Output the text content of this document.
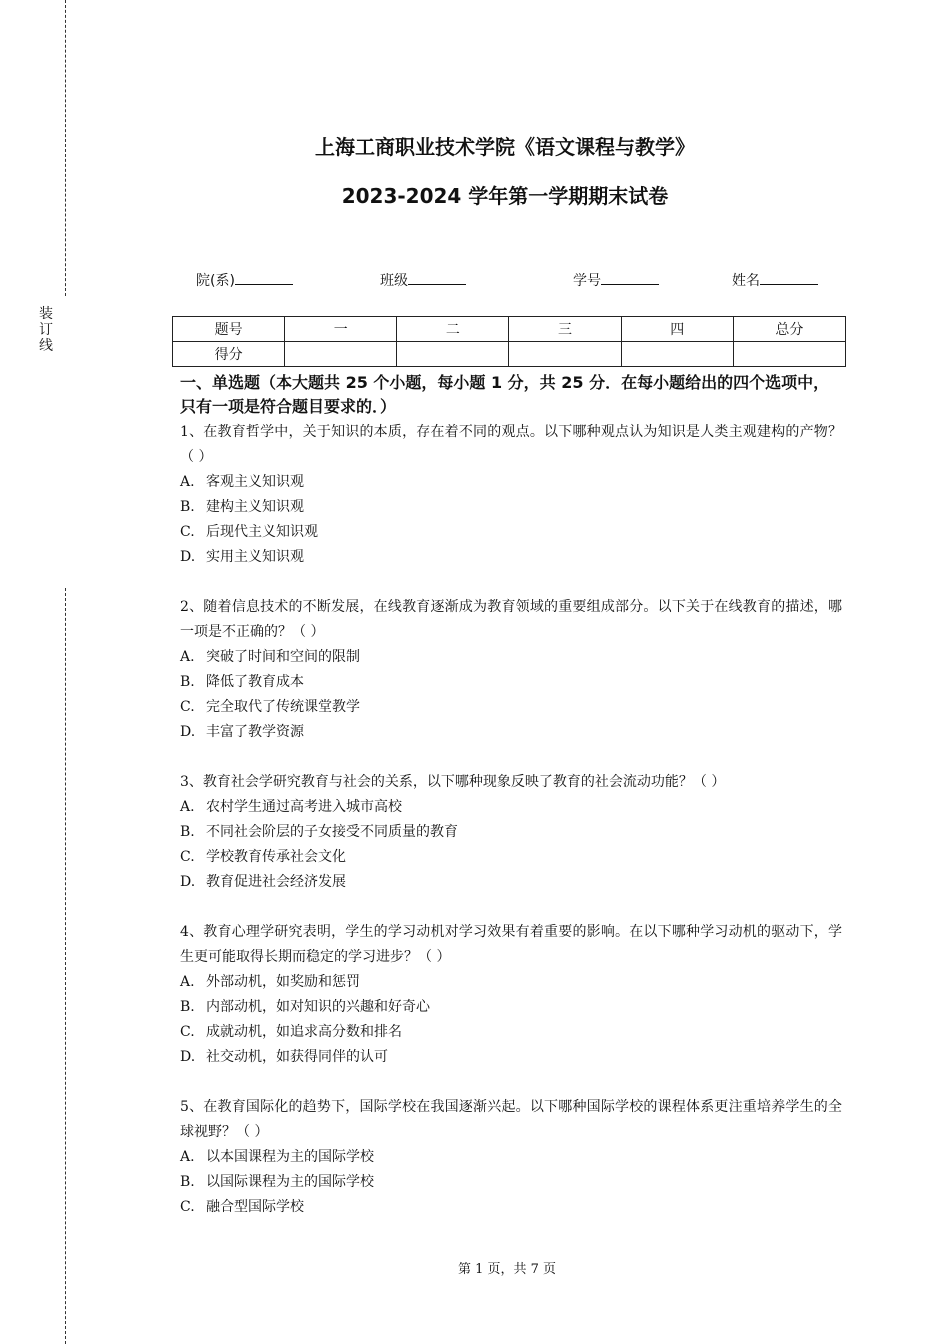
装
订
线
上海工商职业技术学院《语文课程与教学》
2023-2024 学年第一学期期末试卷
院(系)	班级	学号	姓名
题号	一	二	三	四	总分
得分					
一、单选题（本大题共 25 个小题，每小题 1 分，共 25 分．在每小题给出的四个选项中，只有一项是符合题目要求的．）
1、在教育哲学中，关于知识的本质，存在着不同的观点。以下哪种观点认为知识是人类主观建构的产物？（ ）
A. 客观主义知识观
B. 建构主义知识观
C. 后现代主义知识观
D. 实用主义知识观
2、随着信息技术的不断发展，在线教育逐渐成为教育领域的重要组成部分。以下关于在线教育的描述，哪一项是不正确的？（ ）
A. 突破了时间和空间的限制
B. 降低了教育成本
C. 完全取代了传统课堂教学
D. 丰富了教学资源
3、教育社会学研究教育与社会的关系，以下哪种现象反映了教育的社会流动功能？（ ）
A. 农村学生通过高考进入城市高校
B. 不同社会阶层的子女接受不同质量的教育
C. 学校教育传承社会文化
D. 教育促进社会经济发展
4、教育心理学研究表明，学生的学习动机对学习效果有着重要的影响。在以下哪种学习动机的驱动下，学生更可能取得长期而稳定的学习进步？（ ）
A. 外部动机，如奖励和惩罚
B. 内部动机，如对知识的兴趣和好奇心
C. 成就动机，如追求高分数和排名
D. 社交动机，如获得同伴的认可
5、在教育国际化的趋势下，国际学校在我国逐渐兴起。以下哪种国际学校的课程体系更注重培养学生的全球视野？（ ）
A. 以本国课程为主的国际学校
B. 以国际课程为主的国际学校
C. 融合型国际学校
第 1 页，共 7 页
